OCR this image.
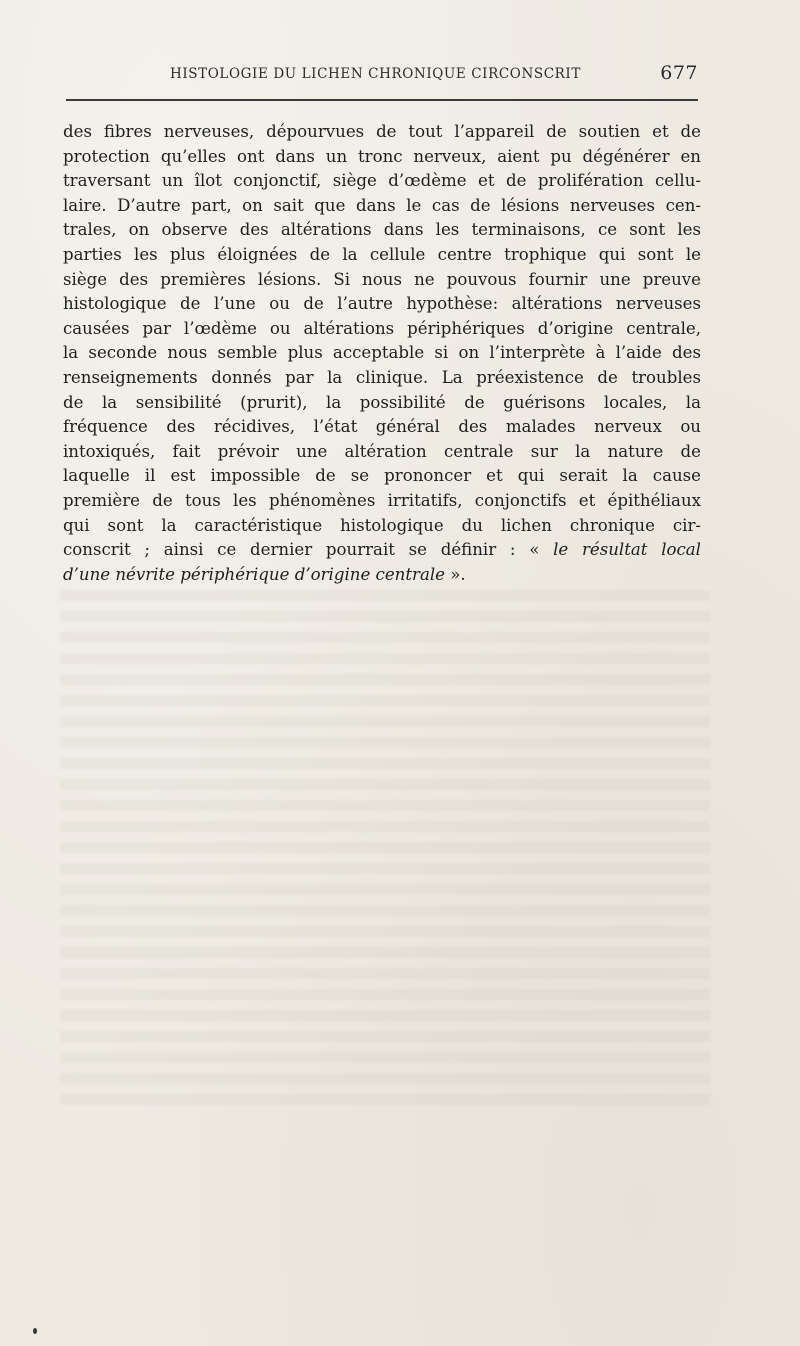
HISTOLOGIE DU LICHEN CHRONIQUE CIRCONSCRIT	677
des fibres nerveuses, dépourvues de tout l’appareil de soutien et de
protection qu’elles ont dans un tronc nerveux, aient pu dégénérer en
traversant un îlot conjonctif, siège d’œdème et de prolifération cellu-
laire. D’autre part, on sait que dans le cas de lésions nerveuses cen-
trales, on observe des altérations dans les terminaisons, ce sont les
parties les plus éloignées de la cellule centre trophique qui sont le
siège des premières lésions. Si nous ne pouvous fournir une preuve
histologique de l’une ou de l’autre hypothèse: altérations nerveuses
causées par l’œdème ou altérations périphériques d’origine centrale,
la seconde nous semble plus acceptable si on l’interprète à l’aide des
renseignements donnés par la clinique. La préexistence de troubles
de la sensibilité (prurit), la possibilité de guérisons locales, la
fréquence des récidives, l’état général des malades nerveux ou
intoxiqués, fait prévoir une altération centrale sur la nature de
laquelle il est impossible de se prononcer et qui serait la cause
première de tous les phénomènes irritatifs, conjonctifs et épithéliaux
qui sont la caractéristique histologique du lichen chronique cir-
conscrit ; ainsi ce dernier pourrait se définir : « le résultat local
d’une névrite périphérique d’origine centrale ».
